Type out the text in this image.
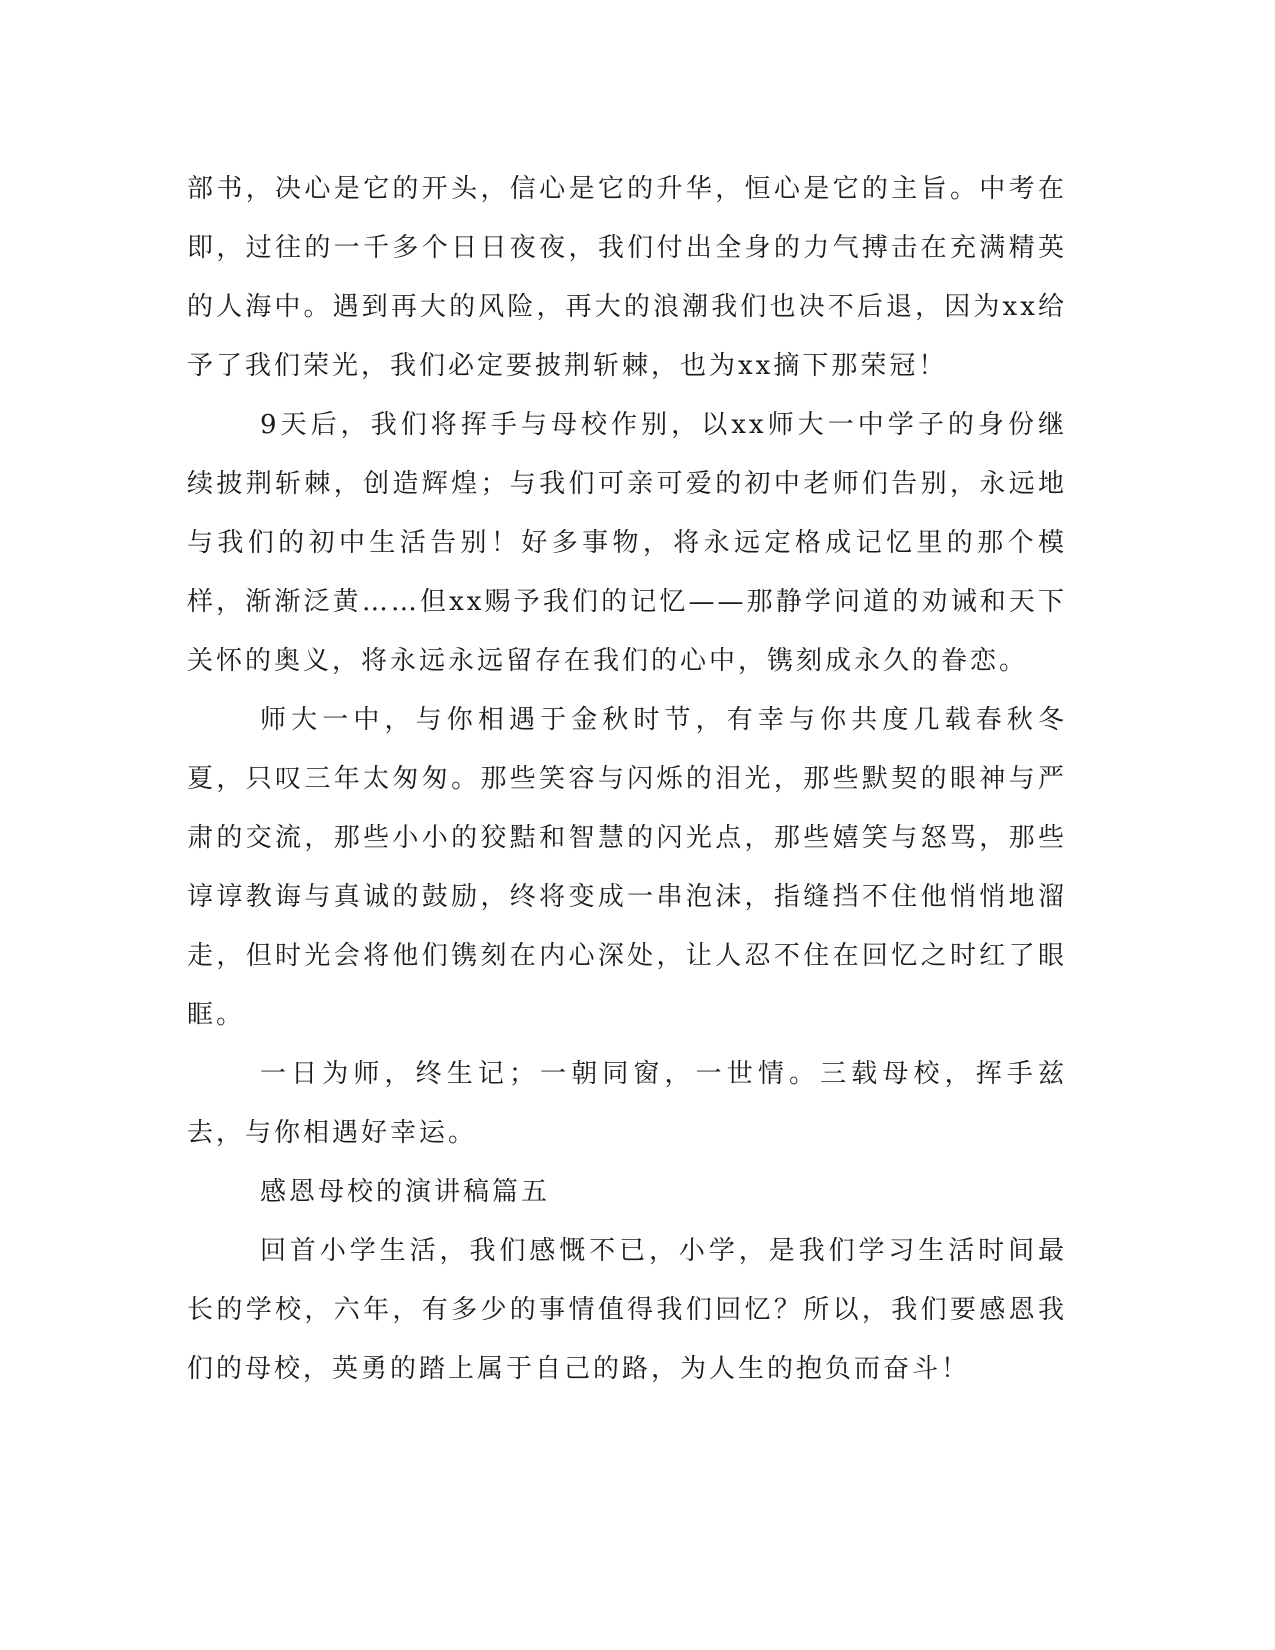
部书，决心是它的开头，信心是它的升华，恒心是它的主旨。中考在即，过往的一千多个日日夜夜，我们付出全身的力气搏击在充满精英的人海中。遇到再大的风险，再大的浪潮我们也决不后退，因为xx给予了我们荣光，我们必定要披荆斩棘，也为xx摘下那荣冠！

9天后，我们将挥手与母校作别，以xx师大一中学子的身份继续披荆斩棘，创造辉煌；与我们可亲可爱的初中老师们告别，永远地与我们的初中生活告别！好多事物，将永远定格成记忆里的那个模样，渐渐泛黄……但xx赐予我们的记忆——那静学问道的劝诫和天下关怀的奥义，将永远永远留存在我们的心中，镌刻成永久的眷恋。

师大一中，与你相遇于金秋时节，有幸与你共度几载春秋冬夏，只叹三年太匆匆。那些笑容与闪烁的泪光，那些默契的眼神与严肃的交流，那些小小的狡黠和智慧的闪光点，那些嬉笑与怒骂，那些谆谆教诲与真诚的鼓励，终将变成一串泡沫，指缝挡不住他悄悄地溜走，但时光会将他们镌刻在内心深处，让人忍不住在回忆之时红了眼眶。

一日为师，终生记；一朝同窗，一世情。三载母校，挥手兹去，与你相遇好幸运。

感恩母校的演讲稿篇五

回首小学生活，我们感慨不已，小学，是我们学习生活时间最长的学校，六年，有多少的事情值得我们回忆？所以，我们要感恩我们的母校，英勇的踏上属于自己的路，为人生的抱负而奋斗！
